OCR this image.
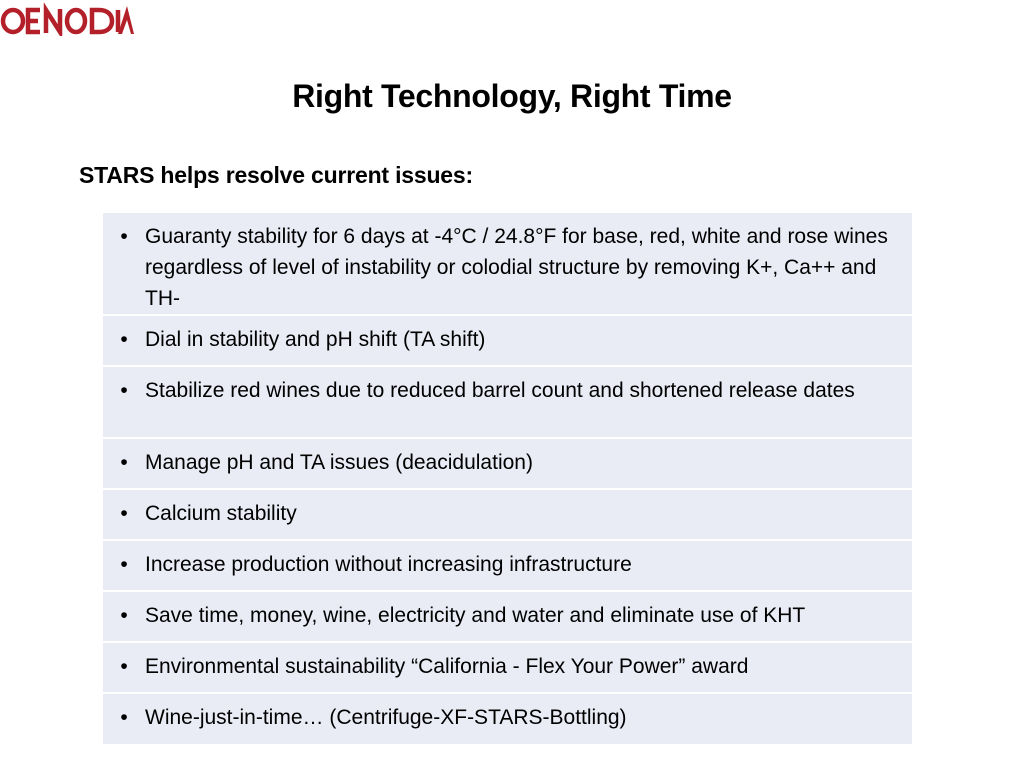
Right Technology, Right Time
STARS helps resolve current issues:
• Guaranty stability for 6 days at -4°C / 24.8°F for base, red, white and rose wines regardless of level of instability or colodial structure by removing K+, Ca++ and TH-
• Dial in stability and pH shift (TA shift)
• Stabilize red wines due to reduced barrel count and shortened release dates
• Manage pH and TA issues (deacidulation)
• Calcium stability
• Increase production without increasing infrastructure
• Save time, money, wine, electricity and water and eliminate use of KHT
• Environmental sustainability “California - Flex Your Power” award
• Wine-just-in-time… (Centrifuge-XF-STARS-Bottling)
